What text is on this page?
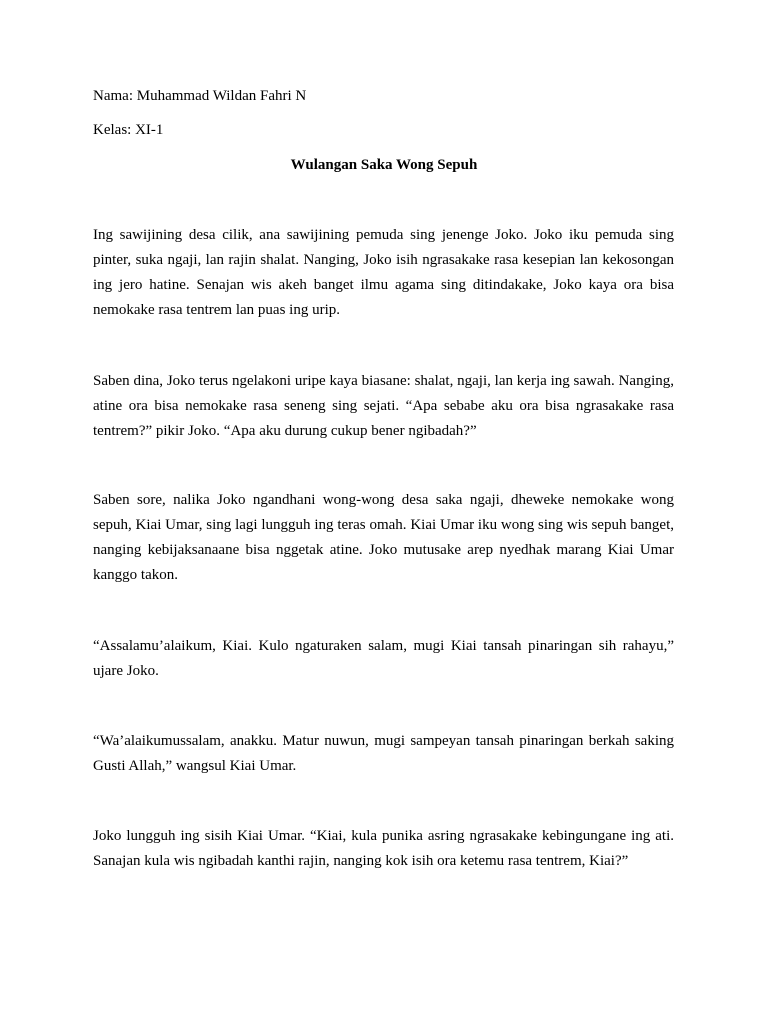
Nama: Muhammad Wildan Fahri N

Kelas: XI-1

Wulangan Saka Wong Sepuh

Ing sawijining desa cilik, ana sawijining pemuda sing jenenge Joko. Joko iku pemuda sing pinter, suka ngaji, lan rajin shalat. Nanging, Joko isih ngrasakake rasa kesepian lan kekosongan ing jero hatine. Senajan wis akeh banget ilmu agama sing ditindakake, Joko kaya ora bisa nemokake rasa tentrem lan puas ing urip.

Saben dina, Joko terus ngelakoni uripe kaya biasane: shalat, ngaji, lan kerja ing sawah. Nanging, atine ora bisa nemokake rasa seneng sing sejati. “Apa sebabe aku ora bisa ngrasakake rasa tentrem?” pikir Joko. “Apa aku durung cukup bener ngibadah?”

Saben sore, nalika Joko ngandhani wong-wong desa saka ngaji, dheweke nemokake wong sepuh, Kiai Umar, sing lagi lungguh ing teras omah. Kiai Umar iku wong sing wis sepuh banget, nanging kebijaksanaane bisa nggetak atine. Joko mutusake arep nyedhak marang Kiai Umar kanggo takon.

“Assalamu’alaikum, Kiai. Kulo ngaturaken salam, mugi Kiai tansah pinaringan sih rahayu,” ujare Joko.

“Wa’alaikumussalam, anakku. Matur nuwun, mugi sampeyan tansah pinaringan berkah saking Gusti Allah,” wangsul Kiai Umar.

Joko lungguh ing sisih Kiai Umar. “Kiai, kula punika asring ngrasakake kebingungane ing ati. Sanajan kula wis ngibadah kanthi rajin, nanging kok isih ora ketemu rasa tentrem, Kiai?”
